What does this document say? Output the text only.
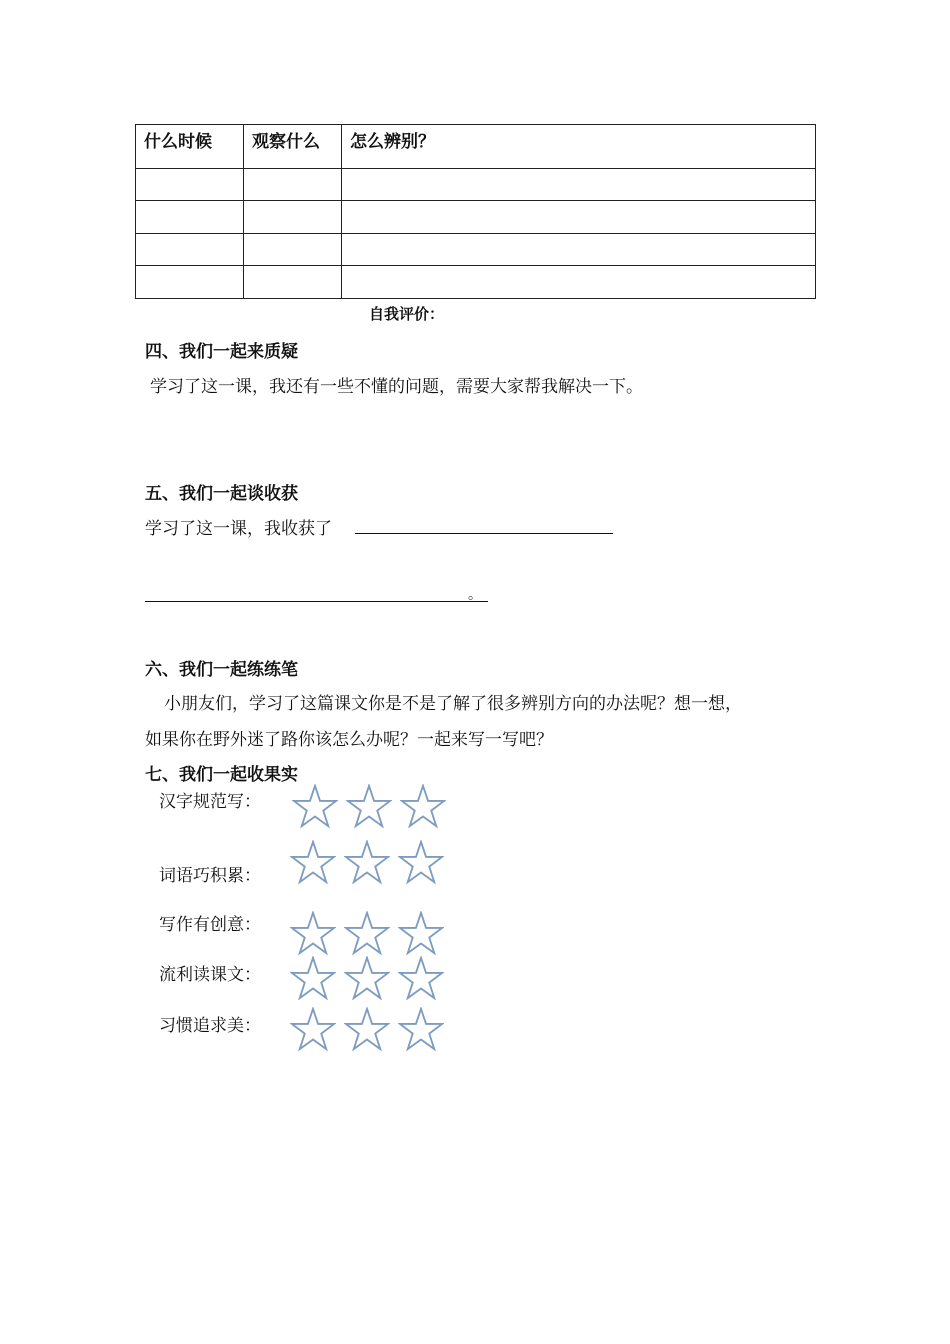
什么时候	观察什么	怎么辨别？

自我评价：
四、我们一起来质疑
学习了这一课，我还有一些不懂的问题，需要大家帮我解决一下。
五、我们一起谈收获
学习了这一课，我收获了
。
六、我们一起练练笔
小朋友们，学习了这篇课文你是不是了解了很多辨别方向的办法呢？想一想，
如果你在野外迷了路你该怎么办呢？一起来写一写吧？
七、我们一起收果实
汉字规范写：
词语巧积累：
写作有创意：
流利读课文：
习惯追求美：
